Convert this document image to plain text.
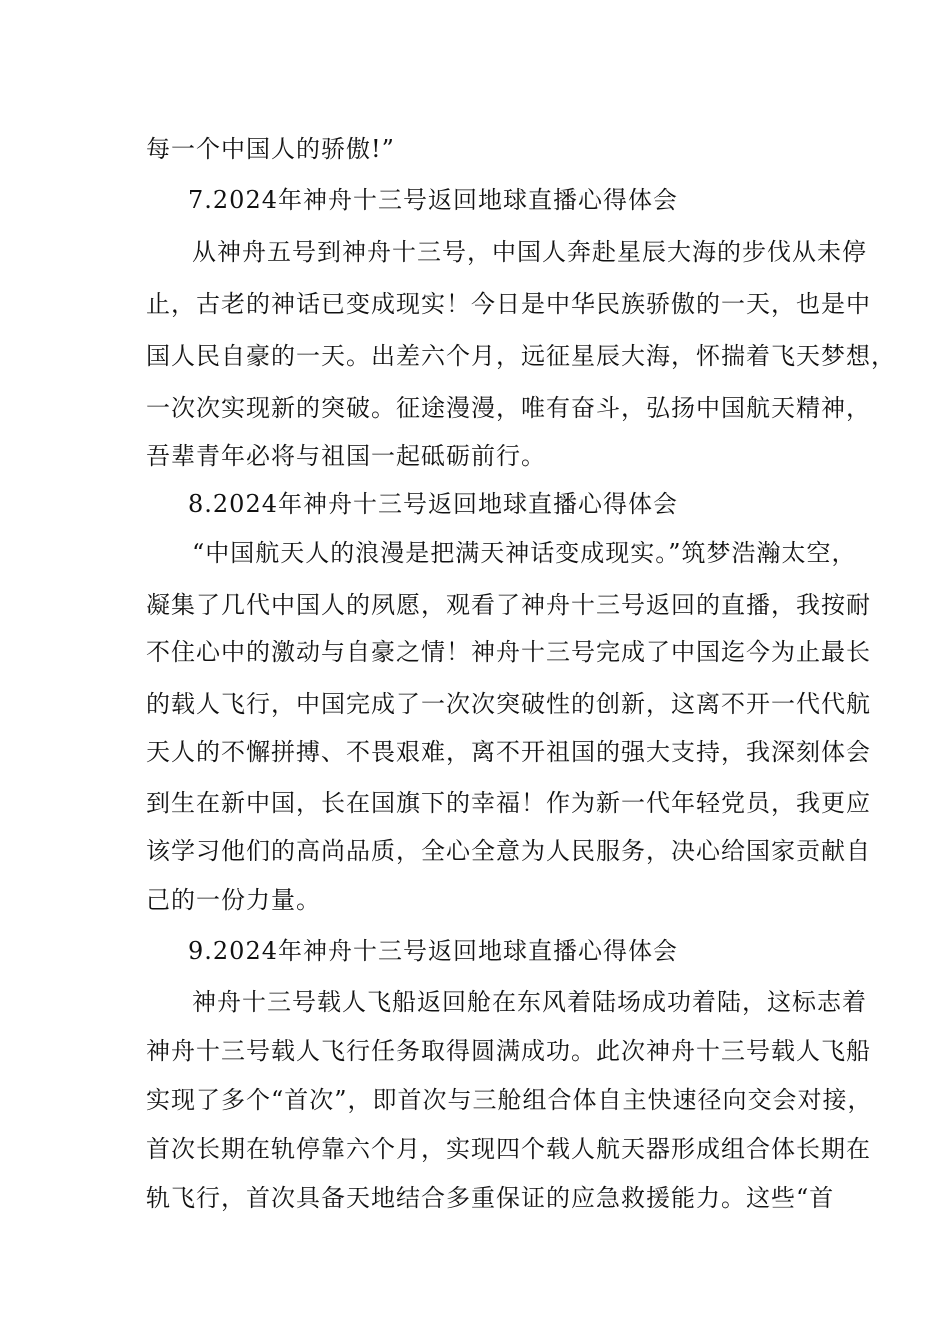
每一个中国人的骄傲!”
7.2024年神舟十三号返回地球直播心得体会
从神舟五号到神舟十三号，中国人奔赴星辰大海的步伐从未停
止，古老的神话已变成现实！今日是中华民族骄傲的一天，也是中
国人民自豪的一天。出差六个月，远征星辰大海，怀揣着飞天梦想，
一次次实现新的突破。征途漫漫，唯有奋斗，弘扬中国航天精神，
吾辈青年必将与祖国一起砥砺前行。
8.2024年神舟十三号返回地球直播心得体会
“中国航天人的浪漫是把满天神话变成现实。”筑梦浩瀚太空，
凝集了几代中国人的夙愿，观看了神舟十三号返回的直播，我按耐
不住心中的激动与自豪之情！神舟十三号完成了中国迄今为止最长
的载人飞行，中国完成了一次次突破性的创新，这离不开一代代航
天人的不懈拼搏、不畏艰难，离不开祖国的强大支持，我深刻体会
到生在新中国，长在国旗下的幸福！作为新一代年轻党员，我更应
该学习他们的高尚品质，全心全意为人民服务，决心给国家贡献自
己的一份力量。
9.2024年神舟十三号返回地球直播心得体会
神舟十三号载人飞船返回舱在东风着陆场成功着陆，这标志着
神舟十三号载人飞行任务取得圆满成功。此次神舟十三号载人飞船
实现了多个“首次”，即首次与三舱组合体自主快速径向交会对接，
首次长期在轨停靠六个月，实现四个载人航天器形成组合体长期在
轨飞行，首次具备天地结合多重保证的应急救援能力。这些“首
